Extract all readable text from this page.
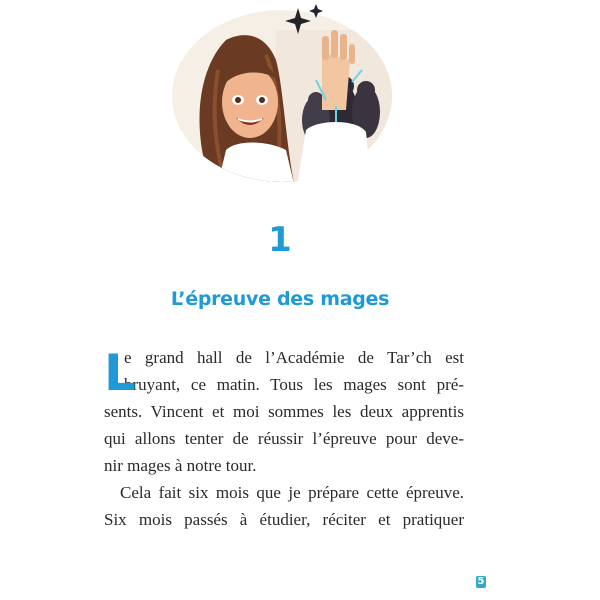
1
L’épreuve des mages
L
e grand hall de l’Académie de Tar’ch est
bruyant, ce matin. Tous les mages sont pré-
sents. Vincent et moi sommes les deux apprentis
qui allons tenter de réussir l’épreuve pour deve-
nir mages à notre tour.
Cela fait six mois que je prépare cette épreuve.
Six mois passés à étudier, réciter et pratiquer
5
